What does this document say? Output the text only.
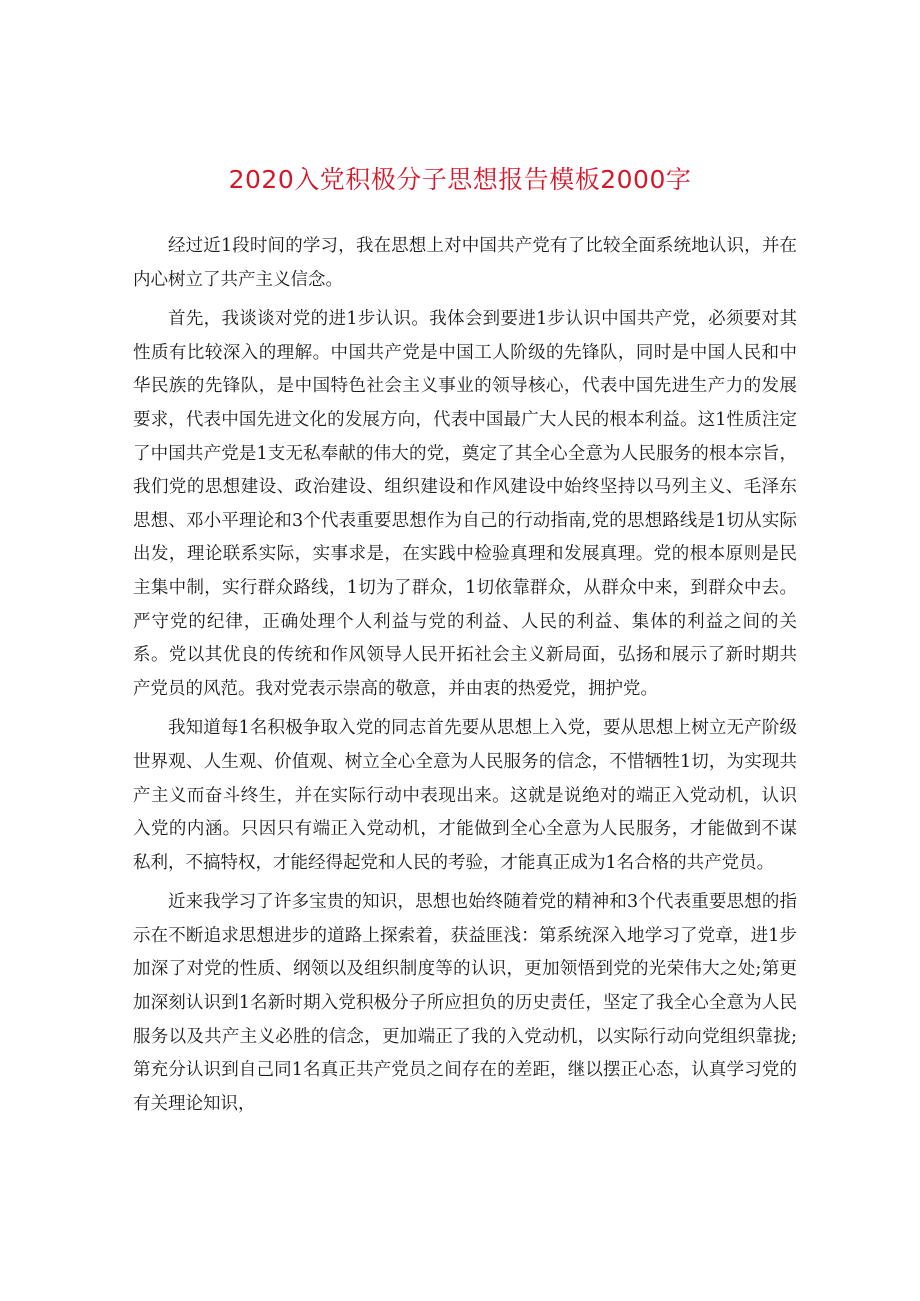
2020入党积极分子思想报告模板2000字

经过近1段时间的学习，我在思想上对中国共产党有了比较全面系统地认识，并在内心树立了共产主义信念。

首先，我谈谈对党的进1步认识。我体会到要进1步认识中国共产党，必须要对其性质有比较深入的理解。中国共产党是中国工人阶级的先锋队，同时是中国人民和中华民族的先锋队，是中国特色社会主义事业的领导核心，代表中国先进生产力的发展要求，代表中国先进文化的发展方向，代表中国最广大人民的根本利益。这1性质注定了中国共产党是1支无私奉献的伟大的党，奠定了其全心全意为人民服务的根本宗旨，我们党的思想建设、政治建设、组织建设和作风建设中始终坚持以马列主义、毛泽东思想、邓小平理论和3个代表重要思想作为自己的行动指南,党的思想路线是1切从实际出发，理论联系实际，实事求是，在实践中检验真理和发展真理。党的根本原则是民主集中制，实行群众路线，1切为了群众，1切依靠群众，从群众中来，到群众中去。严守党的纪律，正确处理个人利益与党的利益、人民的利益、集体的利益之间的关系。党以其优良的传统和作风领导人民开拓社会主义新局面，弘扬和展示了新时期共产党员的风范。我对党表示崇高的敬意，并由衷的热爱党，拥护党。

我知道每1名积极争取入党的同志首先要从思想上入党，要从思想上树立无产阶级世界观、人生观、价值观、树立全心全意为人民服务的信念，不惜牺牲1切，为实现共产主义而奋斗终生，并在实际行动中表现出来。这就是说绝对的端正入党动机，认识入党的内涵。只因只有端正入党动机，才能做到全心全意为人民服务，才能做到不谋私利，不搞特权，才能经得起党和人民的考验，才能真正成为1名合格的共产党员。

近来我学习了许多宝贵的知识，思想也始终随着党的精神和3个代表重要思想的指示在不断追求思想进步的道路上探索着，获益匪浅：第系统深入地学习了党章，进1步加深了对党的性质、纲领以及组织制度等的认识，更加领悟到党的光荣伟大之处;第更加深刻认识到1名新时期入党积极分子所应担负的历史责任，坚定了我全心全意为人民服务以及共产主义必胜的信念，更加端正了我的入党动机，以实际行动向党组织靠拢;第充分认识到自己同1名真正共产党员之间存在的差距，继以摆正心态，认真学习党的有关理论知识，
